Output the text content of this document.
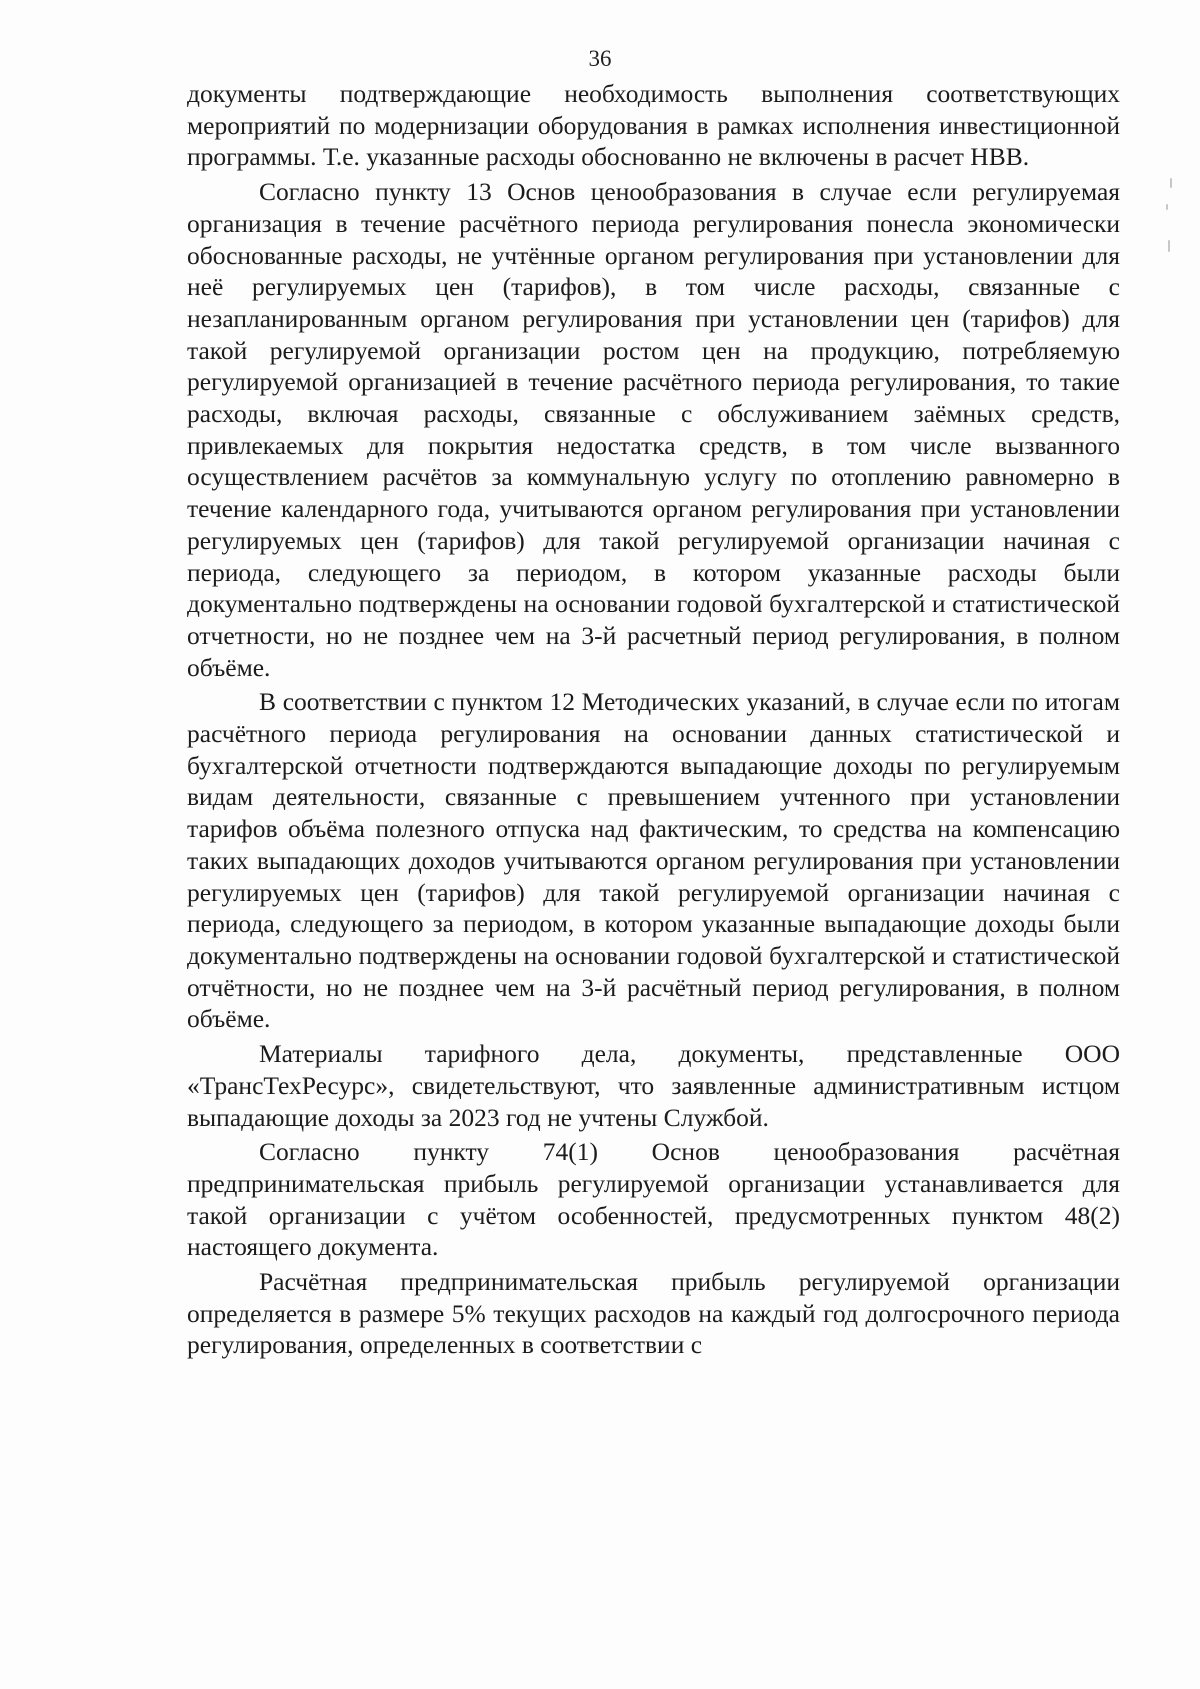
36

документы подтверждающие необходимость выполнения соответствующих мероприятий по модернизации оборудования в рамках исполнения инвестиционной программы. Т.е. указанные расходы обоснованно не включены в расчет НВВ.

Согласно пункту 13 Основ ценообразования в случае если регулируемая организация в течение расчётного периода регулирования понесла экономически обоснованные расходы, не учтённые органом регулирования при установлении для неё регулируемых цен (тарифов), в том числе расходы, связанные с незапланированным органом регулирования при установлении цен (тарифов) для такой регулируемой организации ростом цен на продукцию, потребляемую регулируемой организацией в течение расчётного периода регулирования, то такие расходы, включая расходы, связанные с обслуживанием заёмных средств, привлекаемых для покрытия недостатка средств, в том числе вызванного осуществлением расчётов за коммунальную услугу по отоплению равномерно в течение календарного года, учитываются органом регулирования при установлении регулируемых цен (тарифов) для такой регулируемой организации начиная с периода, следующего за периодом, в котором указанные расходы были документально подтверждены на основании годовой бухгалтерской и статистической отчетности, но не позднее чем на 3-й расчетный период регулирования, в полном объёме.

В соответствии с пунктом 12 Методических указаний, в случае если по итогам расчётного периода регулирования на основании данных статистической и бухгалтерской отчетности подтверждаются выпадающие доходы по регулируемым видам деятельности, связанные с превышением учтенного при установлении тарифов объёма полезного отпуска над фактическим, то средства на компенсацию таких выпадающих доходов учитываются органом регулирования при установлении регулируемых цен (тарифов) для такой регулируемой организации начиная с периода, следующего за периодом, в котором указанные выпадающие доходы были документально подтверждены на основании годовой бухгалтерской и статистической отчётности, но не позднее чем на 3-й расчётный период регулирования, в полном объёме.

Материалы тарифного дела, документы, представленные ООО «ТрансТехРесурс», свидетельствуют, что заявленные административным истцом выпадающие доходы за 2023 год не учтены Службой.

Согласно пункту 74(1) Основ ценообразования расчётная предпринимательская прибыль регулируемой организации устанавливается для такой организации с учётом особенностей, предусмотренных пунктом 48(2) настоящего документа.

Расчётная предпринимательская прибыль регулируемой организации определяется в размере 5% текущих расходов на каждый год долгосрочного периода регулирования, определенных в соответствии с
